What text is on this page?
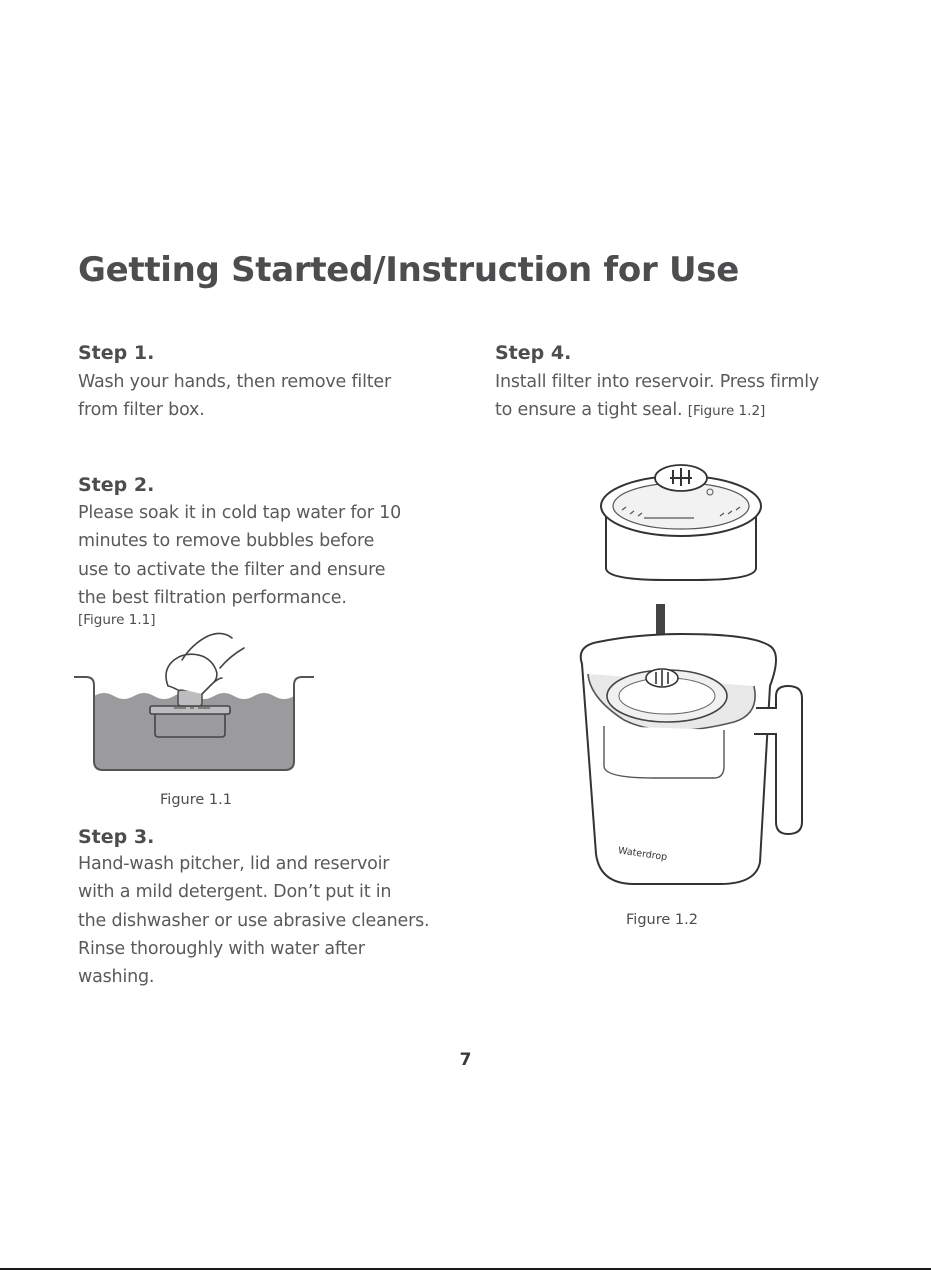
Getting Started/Instruction for Use
Step 1.
Wash your hands, then remove filter
from filter box.
Step 2.
Please soak it in cold tap water for 10
minutes to remove bubbles before
use to activate the filter and ensure
the best filtration performance.
[Figure 1.1]
Figure 1.1
Step 3.
Hand-wash pitcher, lid and reservoir
with a mild detergent. Don’t put it in
the dishwasher or use abrasive cleaners.
Rinse thoroughly with water after
washing.
Step 4.
Install filter into reservoir. Press firmly
to ensure a tight seal. [Figure 1.2]
Waterdrop
Figure 1.2
7
